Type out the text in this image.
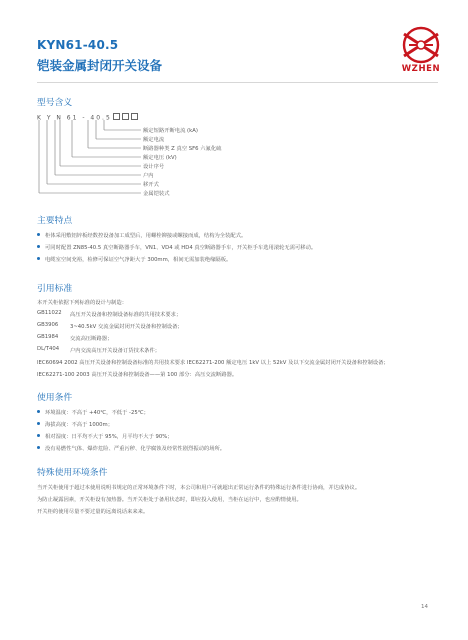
KYN61-40.5
铠装金属封闭开关设备	WZHEN
型号含义
K Y N 61 - 40.5
额定短路开断电流 (kA)
额定电流
断路器种类 Z 真空 SF6 六氟化硫
额定电压 (kV)
设计序号
户内
移开式
金属铠装式
主要特点
柜体采用敷铝锌板经数控设备加工成型后，用螺栓铆接或螺接而成，结构为全装配式。
可同时配置 ZN85-40.5 真空断路器手车，VN1、VD4 或 HD4 真空断路器手车，开关柜手车选用滚轮无需可移动。
电缆室空间充裕，检修可保证空气净距大于 300mm，相间无需加装绝缘隔板。
引用标准
本开关柜依据下列标准的设计与制造：
GB11022 高压开关设备和控制设备标准的共用技术要求；
GB3906 3~40.5kV 交流金属封闭开关设备和控制设备；
GB1984 交流高压断路器；
DL/T404 户内交流高压开关设备订货技术条件；
IEC60694 2002 高压开关设备和控制设备标准的共用技术要求 IEC62271-200 额定电压 1kV 以上 52kV 及以下交流金属封闭开关设备和控制设备；
IEC62271-100 2003 高压开关设备和控制设备——第 100 部分：高压交流断路器。
使用条件
环境温度：不高于 +40℃，不低于 -25℃；
海拔高度：不高于 1000m；
相对湿度：日平均不大于 95%，月平均不大于 90%；
没有易燃性气体、爆炸危险、严重污秽、化学腐蚀及经常性剧烈振动的场所。
特殊使用环境条件
当开关柜使用于超过本使用说明书规定的正常环境条件下时，本公司和用户可就超出正常运行条件的特殊运行条件进行协商，并达成协议。
为防止凝露因素，开关柜设有加热器。当开关柜处于备用状态时，即应投入使用，当柜在运行中，也应酌情使用。
开关柜的使用尽量不要过量的远离说话来来来。
14
